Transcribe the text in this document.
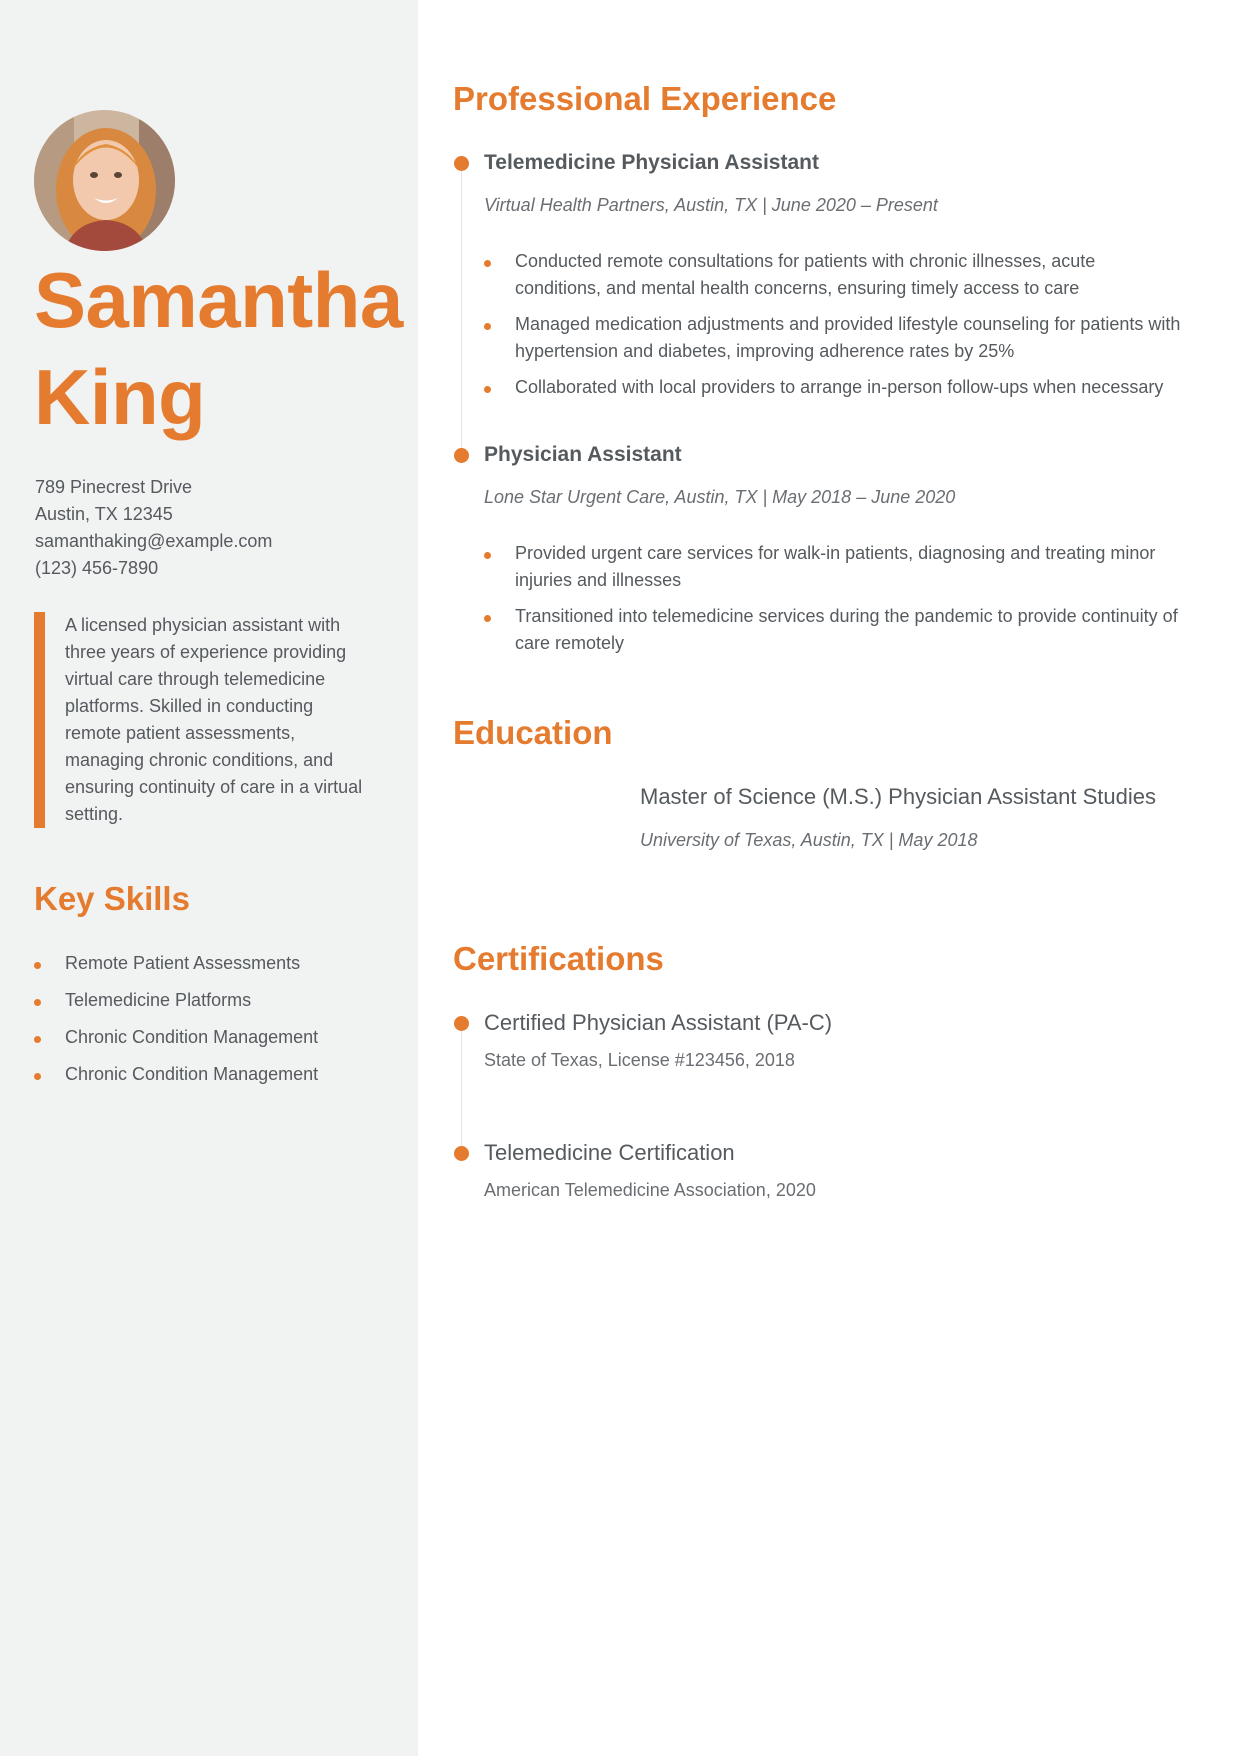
Samantha
King
789 Pinecrest Drive
Austin, TX 12345
samanthaking@example.com
(123) 456-7890

A licensed physician assistant with three years of experience providing virtual care through telemedicine platforms. Skilled in conducting remote patient assessments, managing chronic conditions, and ensuring continuity of care in a virtual setting.

Key Skills
Remote Patient Assessments
Telemedicine Platforms
Chronic Condition Management
Chronic Condition Management
Professional Experience
Telemedicine Physician Assistant
Virtual Health Partners, Austin, TX | June 2020 – Present
Conducted remote consultations for patients with chronic illnesses, acute conditions, and mental health concerns, ensuring timely access to care
Managed medication adjustments and provided lifestyle counseling for patients with hypertension and diabetes, improving adherence rates by 25%
Collaborated with local providers to arrange in-person follow-ups when necessary
Physician Assistant
Lone Star Urgent Care, Austin, TX | May 2018 – June 2020
Provided urgent care services for walk-in patients, diagnosing and treating minor injuries and illnesses
Transitioned into telemedicine services during the pandemic to provide continuity of care remotely
Education
Master of Science (M.S.) Physician Assistant Studies
University of Texas, Austin, TX | May 2018
Certifications
Certified Physician Assistant (PA-C)
State of Texas, License #123456, 2018
Telemedicine Certification
American Telemedicine Association, 2020
